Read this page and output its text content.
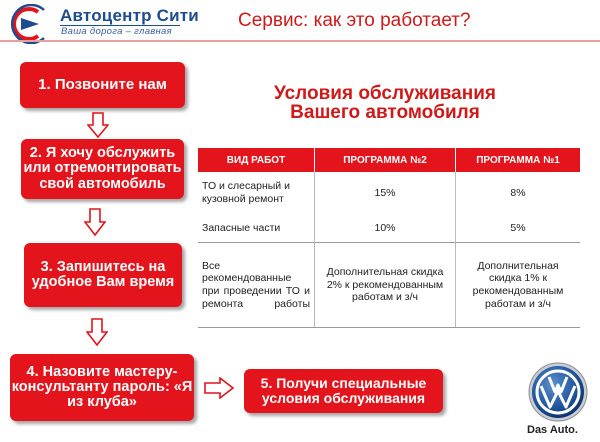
Автоцентр Сити
Ваша дорога – главная
Сервис: как это работает?
1. Позвоните нам
2. Я хочу обслужить или отремонтировать свой автомобиль
3. Запишитесь на удобное Вам время
4. Назовите мастеру-консультанту пароль: «Я из клуба»
5. Получи специальные условия обслуживания
Условия обслуживания
Вашего автомобиля
ВИД РАБОТ	ПРОГРАММА №2	ПРОГРАММА №1
ТО и слесарный и кузовной ремонт	15%	8%
Запасные части	10%	5%
Все рекомендованные при проведении ТО и ремонта работы	Дополнительная скидка 2% к рекомендованным работам и з/ч	Дополнительная скидка 1% к рекомендованным работам и з/ч
Das Auto.
